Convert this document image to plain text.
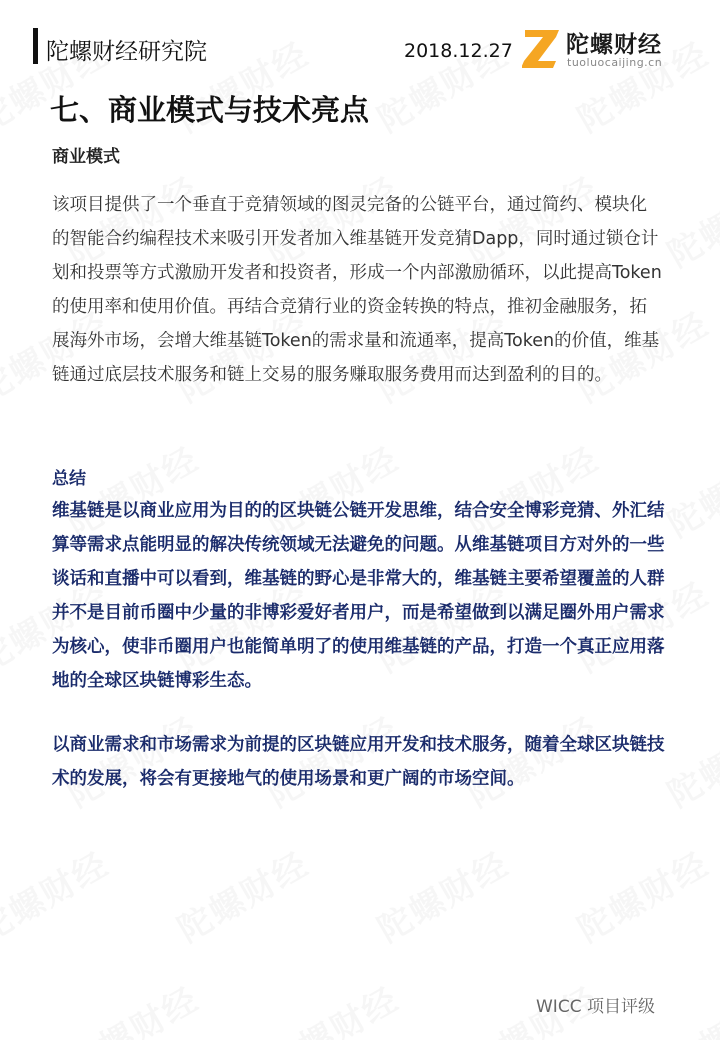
陀螺财经研究院	2018.12.27 陀螺财经
tuoluocaijing.cn
七、商业模式与技术亮点
商业模式

该项目提供了一个垂直于竞猜领域的图灵完备的公链平台，通过简约、模块化的智能合约编程技术来吸引开发者加入维基链开发竞猜Dapp，同时通过锁仓计划和投票等方式激励开发者和投资者，形成一个内部激励循环，以此提高Token的使用率和使用价值。再结合竞猜行业的资金转换的特点，推初金融服务，拓展海外市场，会增大维基链Token的需求量和流通率，提高Token的价值，维基链通过底层技术服务和链上交易的服务赚取服务费用而达到盈利的目的。

总结

维基链是以商业应用为目的的区块链公链开发思维，结合安全博彩竞猜、外汇结算等需求点能明显的解决传统领域无法避免的问题。从维基链项目方对外的一些谈话和直播中可以看到，维基链的野心是非常大的，维基链主要希望覆盖的人群并不是目前币圈中少量的非博彩爱好者用户，而是希望做到以满足圈外用户需求为核心，使非币圈用户也能简单明了的使用维基链的产品，打造一个真正应用落地的全球区块链博彩生态。

以商业需求和市场需求为前提的区块链应用开发和技术服务，随着全球区块链技术的发展，将会有更接地气的使用场景和更广阔的市场空间。

WICC 项目评级
